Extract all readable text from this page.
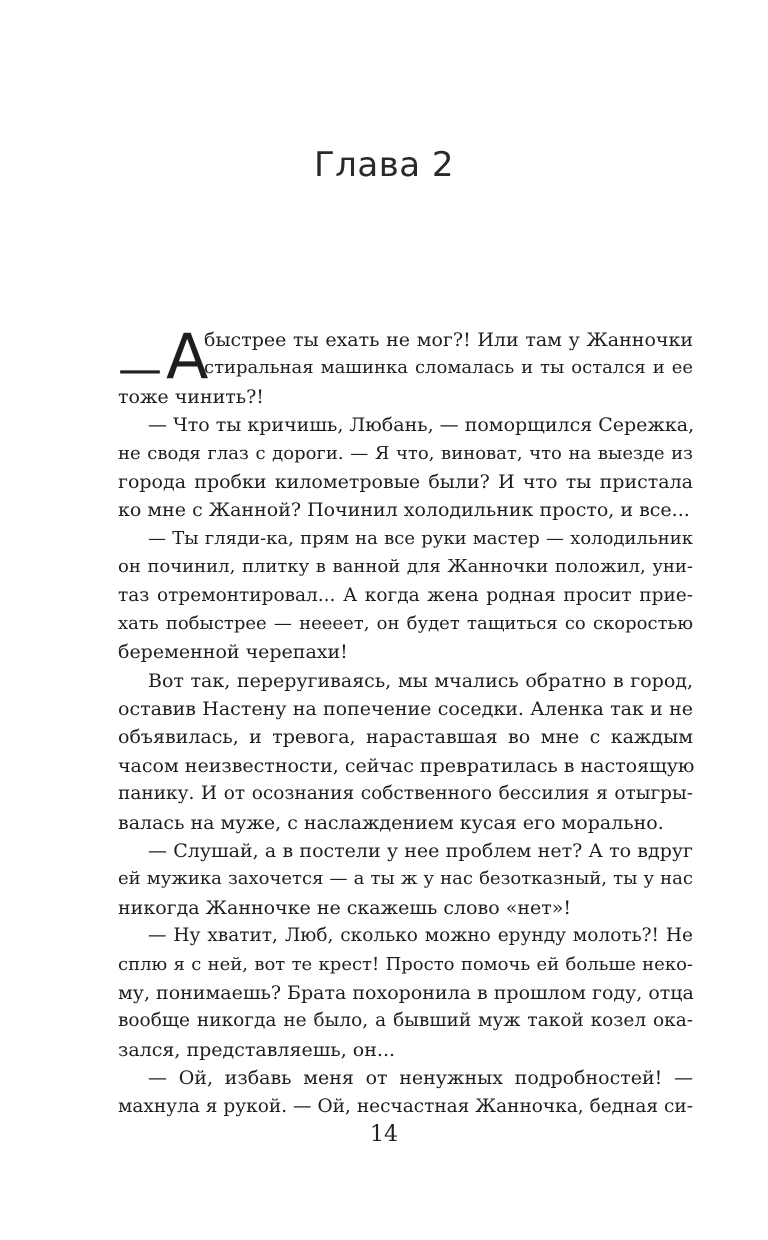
Глава 2
— А
быстрее ты ехать не мог?! Или там у Жанночки
стиральная машинка сломалась и ты остался и ее
тоже чинить?!
— Что ты кричишь, Любань, — поморщился Сережка,
не сводя глаз с дороги. — Я что, виноват, что на выезде из
города пробки километровые были? И что ты пристала
ко мне с Жанной? Починил холодильник просто, и все...
— Ты гляди-ка, прям на все руки мастер — холодильник
он починил, плитку в ванной для Жанночки положил, уни-
таз отремонтировал... А когда жена родная просит прие-
хать побыстрее — нееeeт, он будет тащиться со скоростью
беременной черепахи!
Вот так, переругиваясь, мы мчались обратно в город,
оставив Настену на попечение соседки. Аленка так и не
объявилась, и тревога, нараставшая во мне с каждым
часом неизвестности, сейчас превратилась в настоящую
панику. И от осознания собственного бессилия я отыгры-
валась на муже, с наслаждением кусая его морально.
— Слушай, а в постели у нее проблем нет? А то вдруг
ей мужика захочется — а ты ж у нас безотказный, ты у нас
никогда Жанночке не скажешь слово «нет»!
— Ну хватит, Люб, сколько можно ерунду молоть?! Не
сплю я с ней, вот те крест! Просто помочь ей больше неко-
му, понимаешь? Брата похоронила в прошлом году, отца
вообще никогда не было, а бывший муж такой козел ока-
зался, представляешь, он...
— Ой, избавь меня от ненужных подробностей! —
махнула я рукой. — Ой, несчастная Жанночка, бедная си-
14
